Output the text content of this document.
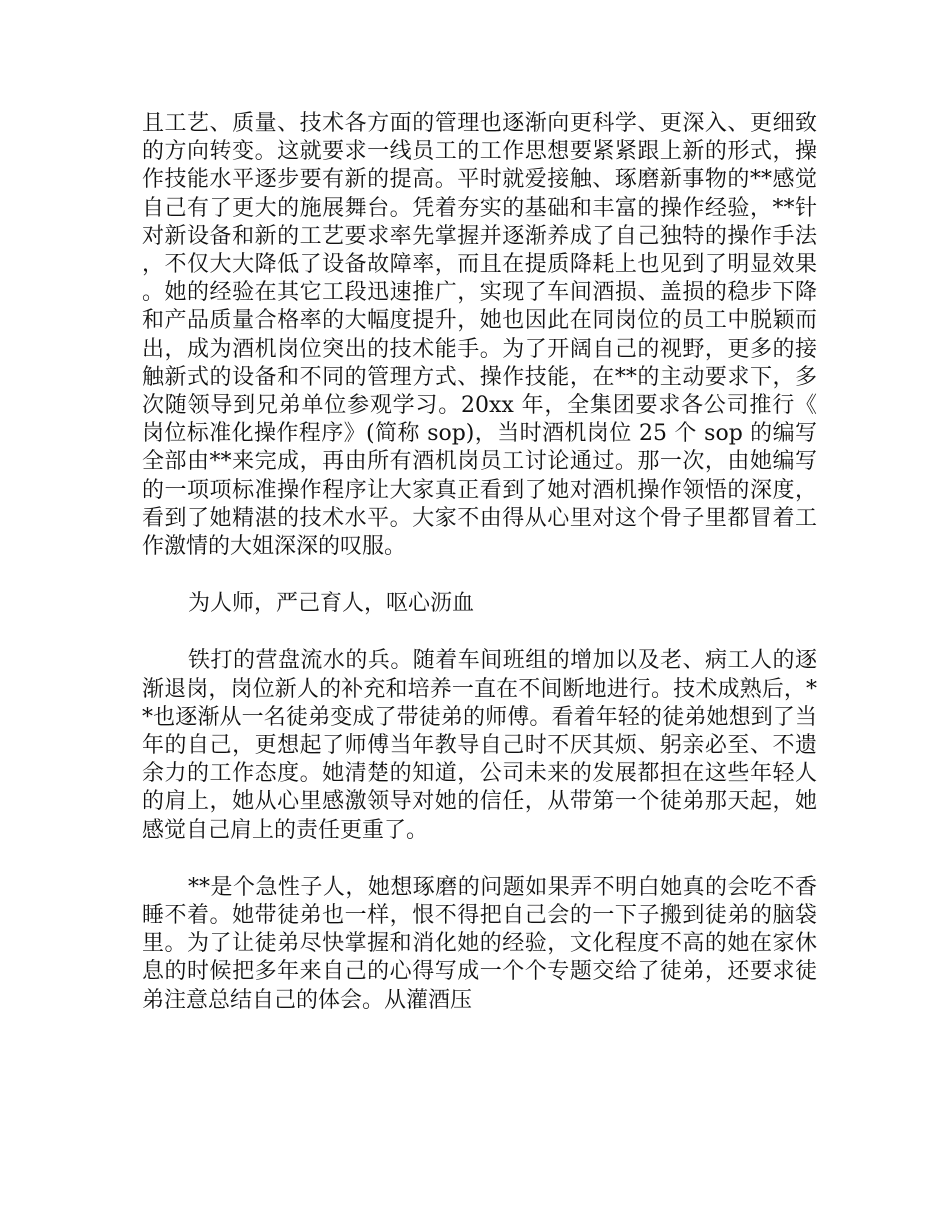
且工艺、质量、技术各方面的管理也逐渐向更科学、更深入、更细致的方向转变。这就要求一线员工的工作思想要紧紧跟上新的形式，操作技能水平逐步要有新的提高。平时就爱接触、琢磨新事物的**感觉自己有了更大的施展舞台。凭着夯实的基础和丰富的操作经验，**针对新设备和新的工艺要求率先掌握并逐渐养成了自己独特的操作手法，不仅大大降低了设备故障率，而且在提质降耗上也见到了明显效果。她的经验在其它工段迅速推广，实现了车间酒损、盖损的稳步下降和产品质量合格率的大幅度提升，她也因此在同岗位的员工中脱颖而出，成为酒机岗位突出的技术能手。为了开阔自己的视野，更多的接触新式的设备和不同的管理方式、操作技能，在**的主动要求下，多次随领导到兄弟单位参观学习。20xx 年，全集团要求各公司推行《岗位标准化操作程序》(简称 sop)，当时酒机岗位 25 个 sop 的编写全部由**来完成，再由所有酒机岗员工讨论通过。那一次，由她编写的一项项标准操作程序让大家真正看到了她对酒机操作领悟的深度，看到了她精湛的技术水平。大家不由得从心里对这个骨子里都冒着工作激情的大姐深深的叹服。

为人师，严己育人，呕心沥血

铁打的营盘流水的兵。随着车间班组的增加以及老、病工人的逐渐退岗，岗位新人的补充和培养一直在不间断地进行。技术成熟后，**也逐渐从一名徒弟变成了带徒弟的师傅。看着年轻的徒弟她想到了当年的自己，更想起了师傅当年教导自己时不厌其烦、躬亲必至、不遗余力的工作态度。她清楚的知道，公司未来的发展都担在这些年轻人的肩上，她从心里感激领导对她的信任，从带第一个徒弟那天起，她感觉自己肩上的责任更重了。

**是个急性子人，她想琢磨的问题如果弄不明白她真的会吃不香睡不着。她带徒弟也一样，恨不得把自己会的一下子搬到徒弟的脑袋里。为了让徒弟尽快掌握和消化她的经验，文化程度不高的她在家休息的时候把多年来自己的心得写成一个个专题交给了徒弟，还要求徒弟注意总结自己的体会。从灌酒压
